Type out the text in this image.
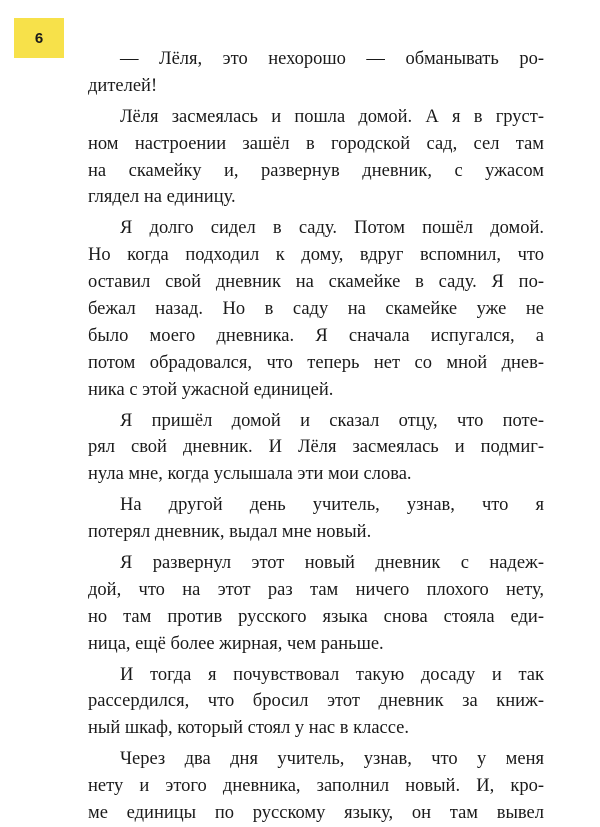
6
— Лёля, это нехорошо — обманывать ро-
дителей!
Лёля засмеялась и пошла домой. А я в груст-
ном настроении зашёл в городской сад, сел там
на скамейку и, развернув дневник, с ужасом
глядел на единицу.
Я долго сидел в саду. Потом пошёл домой.
Но когда подходил к дому, вдруг вспомнил, что
оставил свой дневник на скамейке в саду. Я по-
бежал назад. Но в саду на скамейке уже не
было моего дневника. Я сначала испугался, а
потом обрадовался, что теперь нет со мной днев-
ника с этой ужасной единицей.
Я пришёл домой и сказал отцу, что поте-
рял свой дневник. И Лёля засмеялась и подмиг-
нула мне, когда услышала эти мои слова.
На другой день учитель, узнав, что я
потерял дневник, выдал мне новый.
Я развернул этот новый дневник с надеж-
дой, что на этот раз там ничего плохого нету,
но там против русского языка снова стояла еди-
ница, ещё более жирная, чем раньше.
И тогда я почувствовал такую досаду и так
рассердился, что бросил этот дневник за книж-
ный шкаф, который стоял у нас в классе.
Через два дня учитель, узнав, что у меня
нету и этого дневника, заполнил новый. И, кро-
ме единицы по русскому языку, он там вывел
